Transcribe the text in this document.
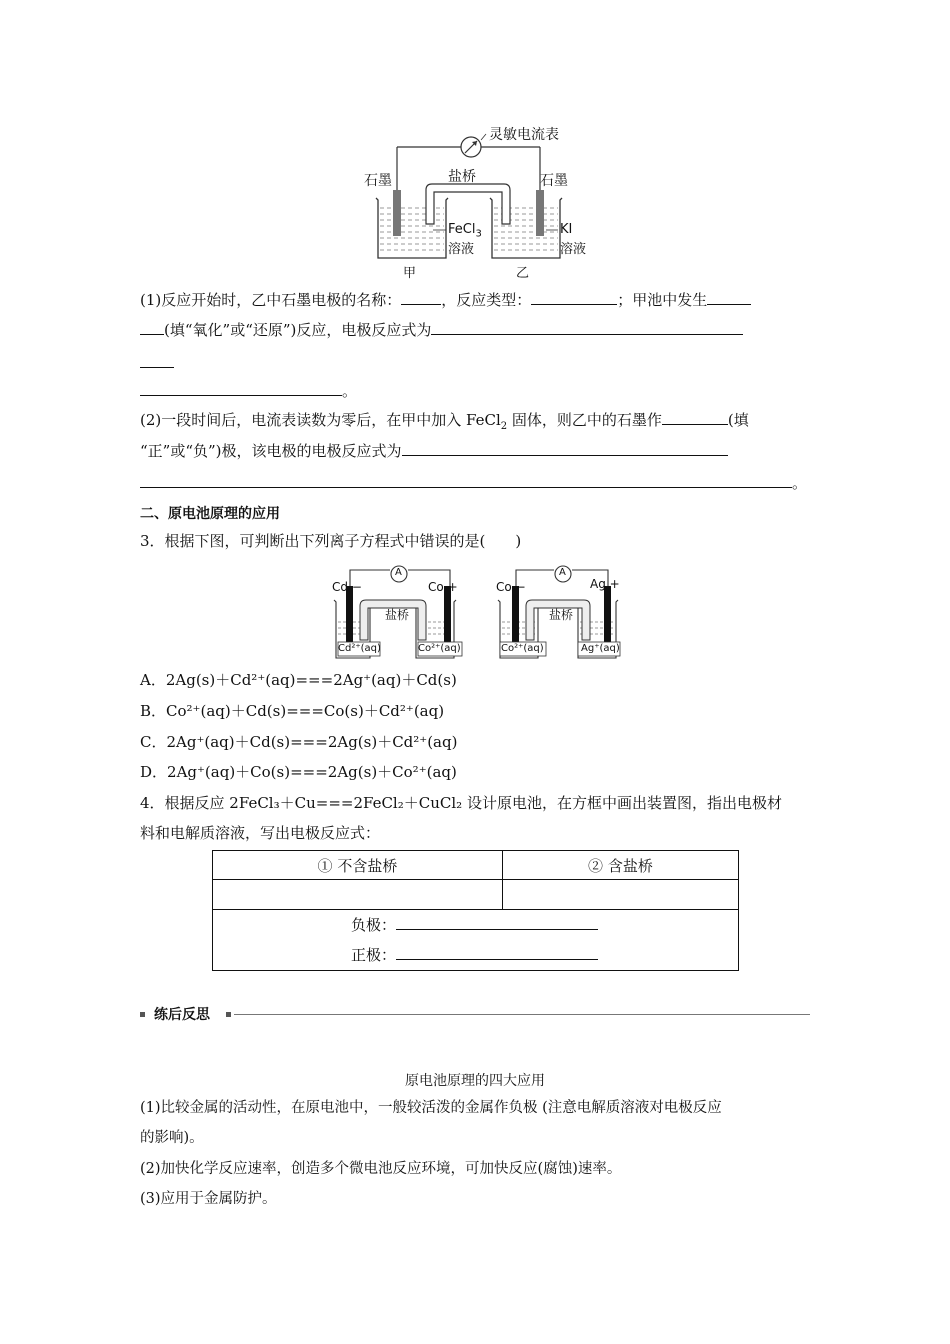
灵敏电流表
盐桥
石墨	石墨
FeCl$_3$
溶液
KI
溶液
甲	乙
(1)反应开始时，乙中石墨电极的名称：	，反应类型：	；甲池中发生
(填“氧化”或“还原”)反应，电极反应式为
。
(2)一段时间后，电流表读数为零后，在甲中加入 FeCl$_2$ 固体，则乙中的石墨作	(填
“正”或“负”)极，该电极的电极反应式为
。
二、原电池原理的应用
3．根据下图，可判断出下列离子方程式中错误的是(　　)
Cd −	Co +
A
盐桥
Cd²⁺(aq)	Co²⁺(aq)
Co −	Ag +
A
盐桥
Co²⁺(aq)	Ag⁺(aq)
A．2Ag(s)＋Cd²⁺(aq)===2Ag⁺(aq)＋Cd(s)
B．Co²⁺(aq)＋Cd(s)===Co(s)＋Cd²⁺(aq)
C．2Ag⁺(aq)＋Cd(s)===2Ag(s)＋Cd²⁺(aq)
D．2Ag⁺(aq)＋Co(s)===2Ag(s)＋Co²⁺(aq)
4．根据反应 2FeCl₃＋Cu===2FeCl₂＋CuCl₂ 设计原电池，在方框中画出装置图，指出电极材
料和电解质溶液，写出电极反应式：
① 不含盐桥	② 含盐桥

负极：
正极：	
练后反思
原电池原理的四大应用
(1)比较金属的活动性，在原电池中，一般较活泼的金属作负极 (注意电解质溶液对电极反应
的影响)。
(2)加快化学反应速率，创造多个微电池反应环境，可加快反应(腐蚀)速率。
(3)应用于金属防护。
